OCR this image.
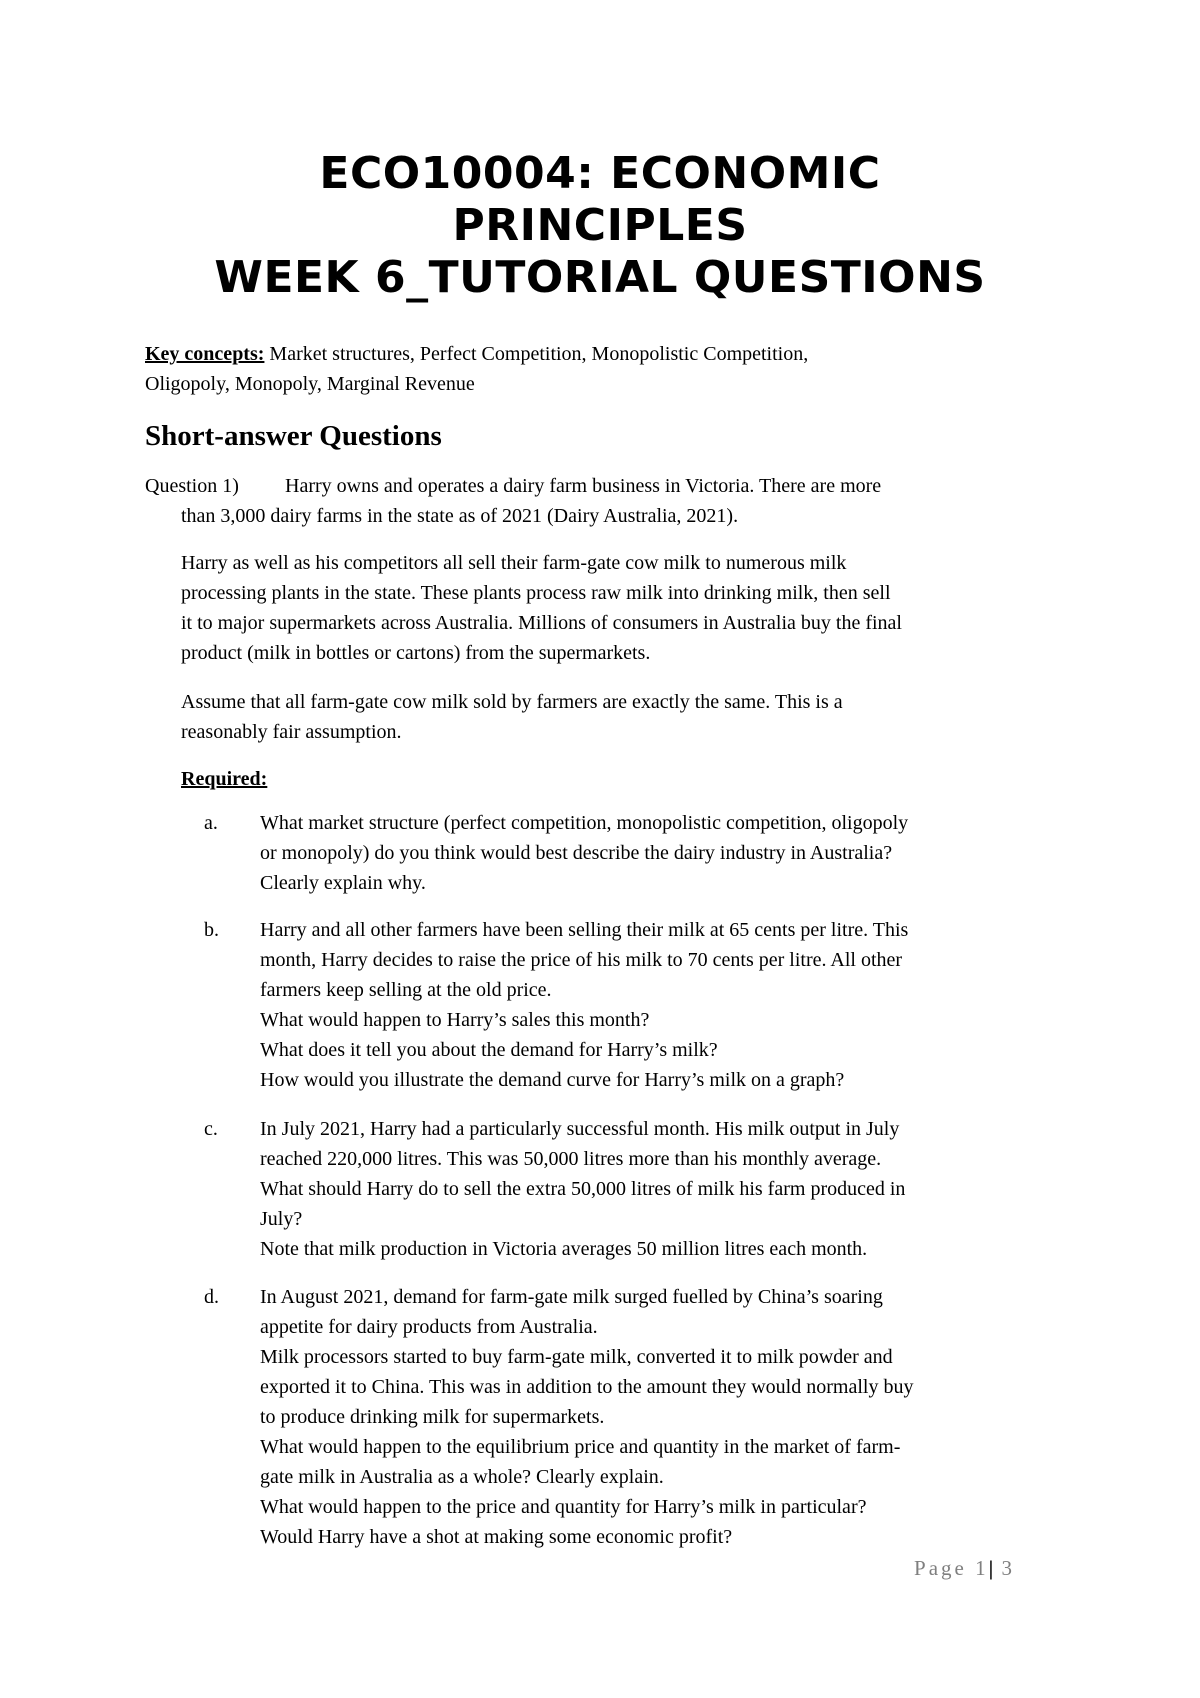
ECO10004: ECONOMIC
PRINCIPLES
WEEK 6_TUTORIAL QUESTIONS
Key concepts: Market structures, Perfect Competition, Monopolistic Competition,
Oligopoly, Monopoly, Marginal Revenue
Short-answer Questions
Question 1) Harry owns and operates a dairy farm business in Victoria. There are more
than 3,000 dairy farms in the state as of 2021 (Dairy Australia, 2021).
Harry as well as his competitors all sell their farm-gate cow milk to numerous milk
processing plants in the state. These plants process raw milk into drinking milk, then sell
it to major supermarkets across Australia. Millions of consumers in Australia buy the final
product (milk in bottles or cartons) from the supermarkets.
Assume that all farm-gate cow milk sold by farmers are exactly the same. This is a
reasonably fair assumption.
Required:
a. What market structure (perfect competition, monopolistic competition, oligopoly
or monopoly) do you think would best describe the dairy industry in Australia?
Clearly explain why.
b. Harry and all other farmers have been selling their milk at 65 cents per litre. This
month, Harry decides to raise the price of his milk to 70 cents per litre. All other
farmers keep selling at the old price.
What would happen to Harry’s sales this month?
What does it tell you about the demand for Harry’s milk?
How would you illustrate the demand curve for Harry’s milk on a graph?
c. In July 2021, Harry had a particularly successful month. His milk output in July
reached 220,000 litres. This was 50,000 litres more than his monthly average.
What should Harry do to sell the extra 50,000 litres of milk his farm produced in
July?
Note that milk production in Victoria averages 50 million litres each month.
d. In August 2021, demand for farm-gate milk surged fuelled by China’s soaring
appetite for dairy products from Australia.
Milk processors started to buy farm-gate milk, converted it to milk powder and
exported it to China. This was in addition to the amount they would normally buy
to produce drinking milk for supermarkets.
What would happen to the equilibrium price and quantity in the market of farm-
gate milk in Australia as a whole? Clearly explain.
What would happen to the price and quantity for Harry’s milk in particular?
Would Harry have a shot at making some economic profit?
Page 1| 3
